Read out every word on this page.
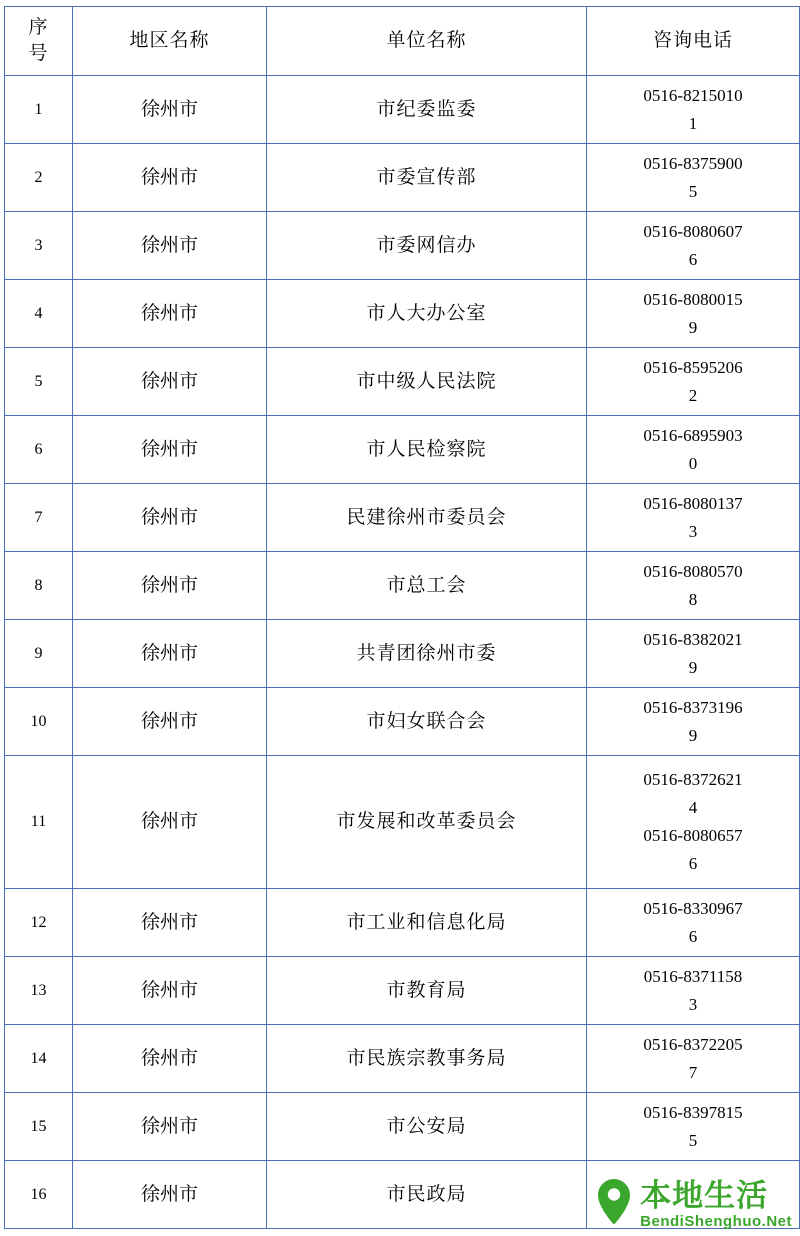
序
号	地区名称	单位名称	咨询电话
1	徐州市	市纪委监委	0516-8215010
1

2	徐州市	市委宣传部	0516-8375900
5

3	徐州市	市委网信办	0516-8080607
6

4	徐州市	市人大办公室	0516-8080015
9

5	徐州市	市中级人民法院	0516-8595206
2

6	徐州市	市人民检察院	0516-6895903
0

7	徐州市	民建徐州市委员会	0516-8080137
3

8	徐州市	市总工会	0516-8080570
8

9	徐州市	共青团徐州市委	0516-8382021
9

10	徐州市	市妇女联合会	0516-8373196
9

11	徐州市	市发展和改革委员会	0516-8372621
4
0516-8080657
6

12	徐州市	市工业和信息化局	0516-8330967
6

13	徐州市	市教育局	0516-8371158
3

14	徐州市	市民族宗教事务局	0516-8372205
7

15	徐州市	市公安局	0516-8397815
5

16	徐州市	市民政局		本地生活
BendiShenghuo.Net
